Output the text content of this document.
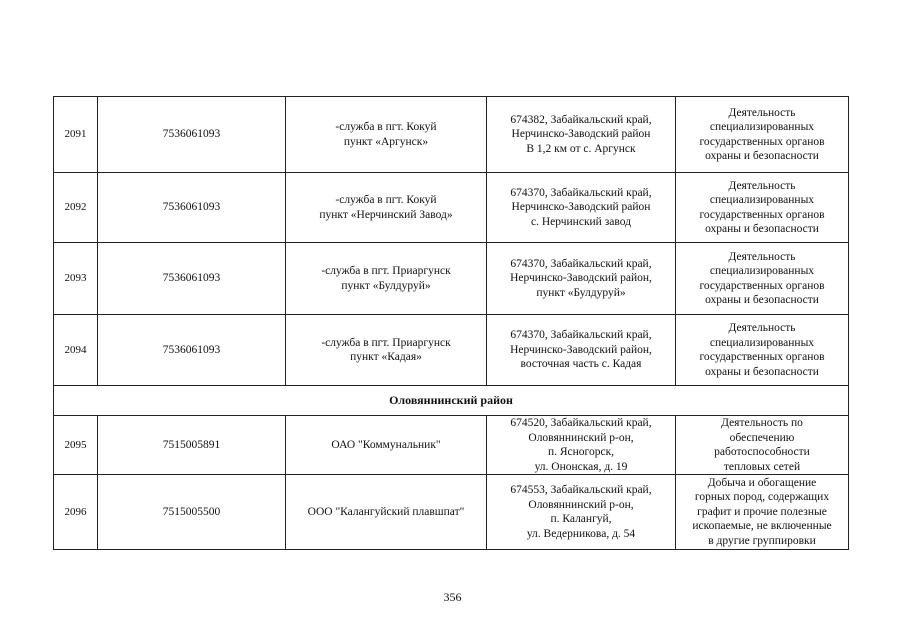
2091	7536061093	-служба в пгт. Кокуй
пункт «Аргунск»	674382, Забайкальский край,
Нерчинско-Заводский район
В 1,2 км от с. Аргунск	Деятельность
специализированных
государственных органов
охраны и безопасности

2092	7536061093	-служба в пгт. Кокуй
пункт «Нерчинский Завод»	674370, Забайкальский край,
Нерчинско-Заводский район
с. Нерчинский завод	Деятельность
специализированных
государственных органов
охраны и безопасности

2093	7536061093	-служба в пгт. Приаргунск
пункт «Булдуруй»	674370, Забайкальский край,
Нерчинско-Заводский район,
пункт «Булдуруй»	Деятельность
специализированных
государственных органов
охраны и безопасности

2094	7536061093	-служба в пгт. Приаргунск
пункт «Кадая»	674370, Забайкальский край,
Нерчинско-Заводский район,
восточная часть с. Кадая	Деятельность
специализированных
государственных органов
охраны и безопасности

Оловяннинский район				
2095	7515005891	ОАО "Коммунальник"	674520, Забайкальский край,
Оловяннинский р-он,
п. Ясногорск,
ул. Ононская, д. 19	Деятельность по
обеспечению
работоспособности
тепловых сетей

2096	7515005500	ООО "Калангуйский плавшпат"	674553, Забайкальский край,
Оловяннинский р-он,
п. Калангуй,
ул. Ведерникова, д. 54	Добыча и обогащение
горных пород, содержащих
графит и прочие полезные
ископаемые, не включенные
в другие группировки
356
